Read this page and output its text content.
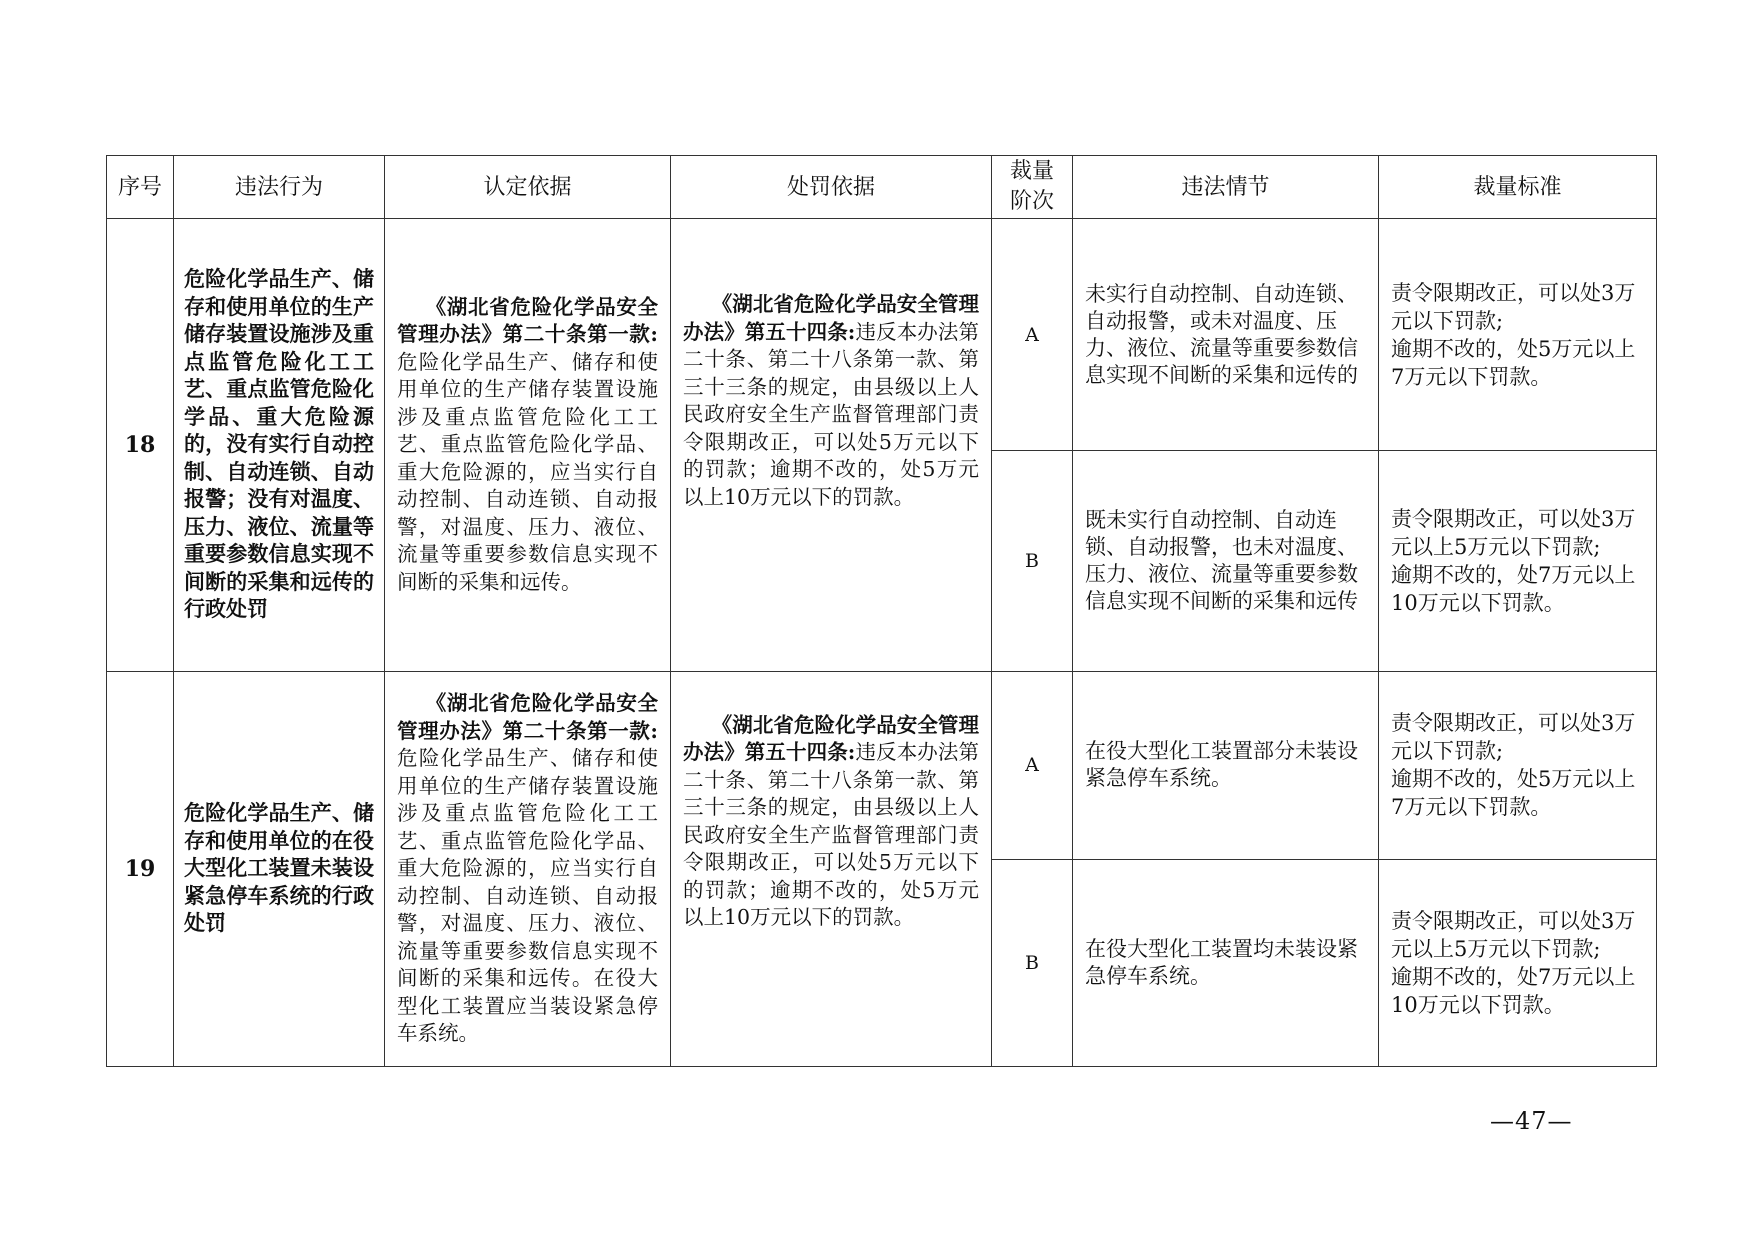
序号	违法行为	认定依据	处罚依据	裁量阶次	违法情节	裁量标准
18	危险化学品生产、储存和使用单位的生产储存装置设施涉及重点监管危险化工工艺、重点监管危险化学品、重大危险源的，没有实行自动控制、自动连锁、自动报警；没有对温度、压力、液位、流量等重要参数信息实现不间断的采集和远传的行政处罚	《湖北省危险化学品安全管理办法》第二十条第一款:危险化学品生产、储存和使用单位的生产储存装置设施涉及重点监管危险化工工艺、重点监管危险化学品、重大危险源的，应当实行自动控制、自动连锁、自动报警，对温度、压力、液位、流量等重要参数信息实现不间断的采集和远传。	《湖北省危险化学品安全管理办法》第五十四条:违反本办法第二十条、第二十八条第一款、第三十三条的规定，由县级以上人民政府安全生产监督管理部门责令限期改正，可以处5万元以下的罚款；逾期不改的，处5万元以上10万元以下的罚款。	A	未实行自动控制、自动连锁、自动报警，或未对温度、压力、液位、流量等重要参数信息实现不间断的采集和远传的	责令限期改正，可以处3万元以下罚款;
逾期不改的，处5万元以上7万元以下罚款。

				B	既未实行自动控制、自动连锁、自动报警，也未对温度、压力、液位、流量等重要参数信息实现不间断的采集和远传	责令限期改正，可以处3万元以上5万元以下罚款;
逾期不改的，处7万元以上10万元以下罚款。

19	危险化学品生产、储存和使用单位的在役大型化工装置未装设紧急停车系统的行政处罚	《湖北省危险化学品安全管理办法》第二十条第一款:危险化学品生产、储存和使用单位的生产储存装置设施涉及重点监管危险化工工艺、重点监管危险化学品、重大危险源的，应当实行自动控制、自动连锁、自动报警，对温度、压力、液位、流量等重要参数信息实现不间断的采集和远传。在役大型化工装置应当装设紧急停车系统。	《湖北省危险化学品安全管理办法》第五十四条:违反本办法第二十条、第二十八条第一款、第三十三条的规定，由县级以上人民政府安全生产监督管理部门责令限期改正，可以处5万元以下的罚款；逾期不改的，处5万元以上10万元以下的罚款。	A	在役大型化工装置部分未装设紧急停车系统。	责令限期改正，可以处3万元以下罚款;
逾期不改的，处5万元以上7万元以下罚款。

				B	在役大型化工装置均未装设紧急停车系统。	责令限期改正，可以处3万元以上5万元以下罚款;
逾期不改的，处7万元以上10万元以下罚款。
—47—
